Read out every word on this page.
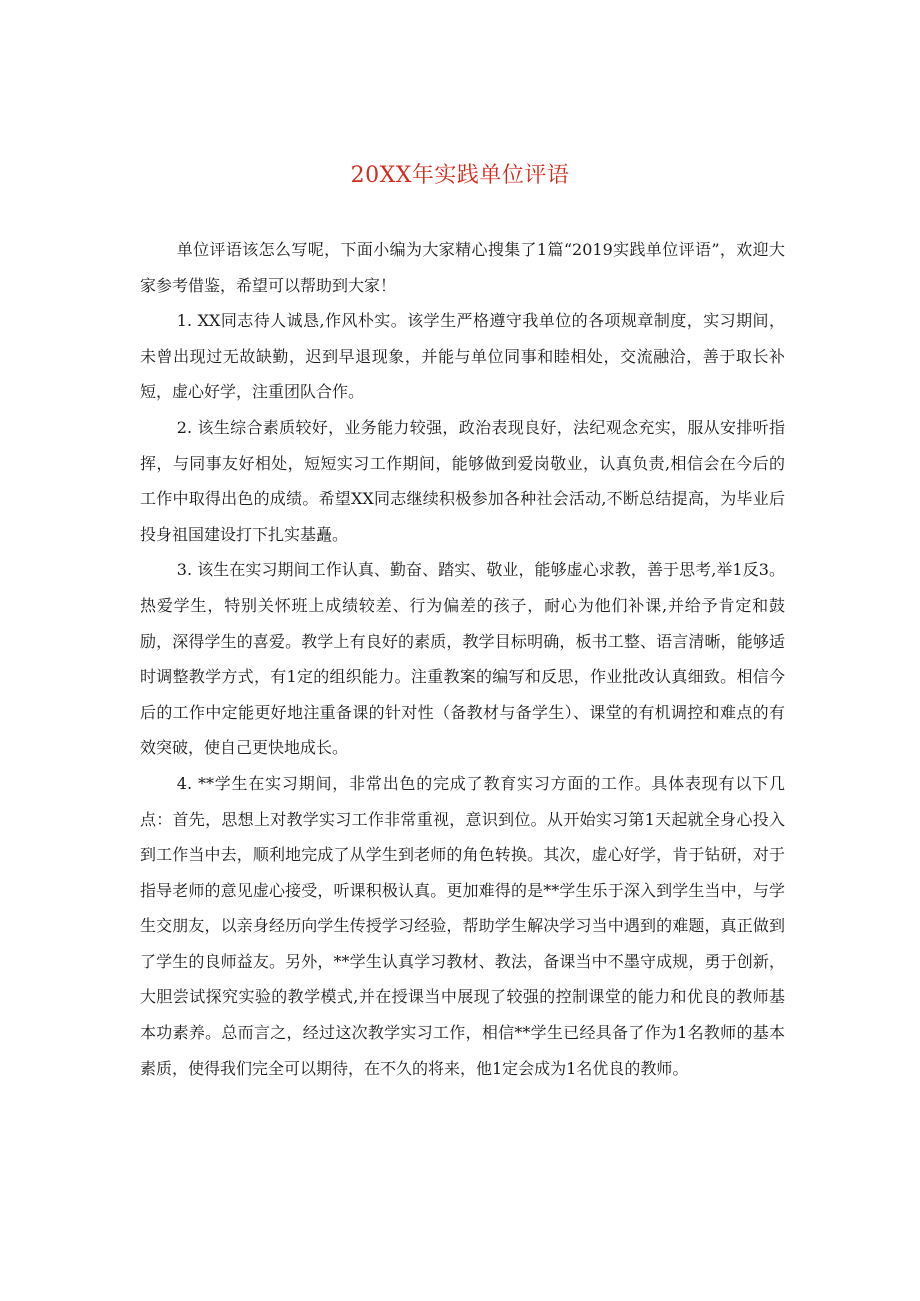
20XX年实践单位评语

单位评语该怎么写呢，下面小编为大家精心搜集了1篇“2019实践单位评语”，欢迎大家参考借鉴，希望可以帮助到大家！

1. XX同志待人诚恳,作风朴实。该学生严格遵守我单位的各项规章制度，实习期间，未曾出现过无故缺勤，迟到早退现象，并能与单位同事和睦相处，交流融洽，善于取长补短，虚心好学，注重团队合作。

2. 该生综合素质较好，业务能力较强，政治表现良好，法纪观念充实，服从安排听指挥，与同事友好相处，短短实习工作期间，能够做到爱岗敬业，认真负责,相信会在今后的工作中取得出色的成绩。希望XX同志继续积极参加各种社会活动,不断总结提高，为毕业后投身祖国建设打下扎实基矗。

3. 该生在实习期间工作认真、勤奋、踏实、敬业，能够虚心求教，善于思考,举1反3。热爱学生，特别关怀班上成绩较差、行为偏差的孩子，耐心为他们补课,并给予肯定和鼓励，深得学生的喜爱。教学上有良好的素质，教学目标明确，板书工整、语言清晰，能够适时调整教学方式，有1定的组织能力。注重教案的编写和反思，作业批改认真细致。相信今后的工作中定能更好地注重备课的针对性（备教材与备学生）、课堂的有机调控和难点的有效突破，使自己更快地成长。

4. **学生在实习期间，非常出色的完成了教育实习方面的工作。具体表现有以下几点：首先，思想上对教学实习工作非常重视，意识到位。从开始实习第1天起就全身心投入到工作当中去，顺利地完成了从学生到老师的角色转换。其次，虚心好学，肯于钻研，对于指导老师的意见虚心接受，听课积极认真。更加难得的是**学生乐于深入到学生当中，与学生交朋友，以亲身经历向学生传授学习经验，帮助学生解决学习当中遇到的难题，真正做到了学生的良师益友。另外，**学生认真学习教材、教法，备课当中不墨守成规，勇于创新，大胆尝试探究实验的教学模式,并在授课当中展现了较强的控制课堂的能力和优良的教师基本功素养。总而言之，经过这次教学实习工作，相信**学生已经具备了作为1名教师的基本素质，使得我们完全可以期待，在不久的将来，他1定会成为1名优良的教师。
